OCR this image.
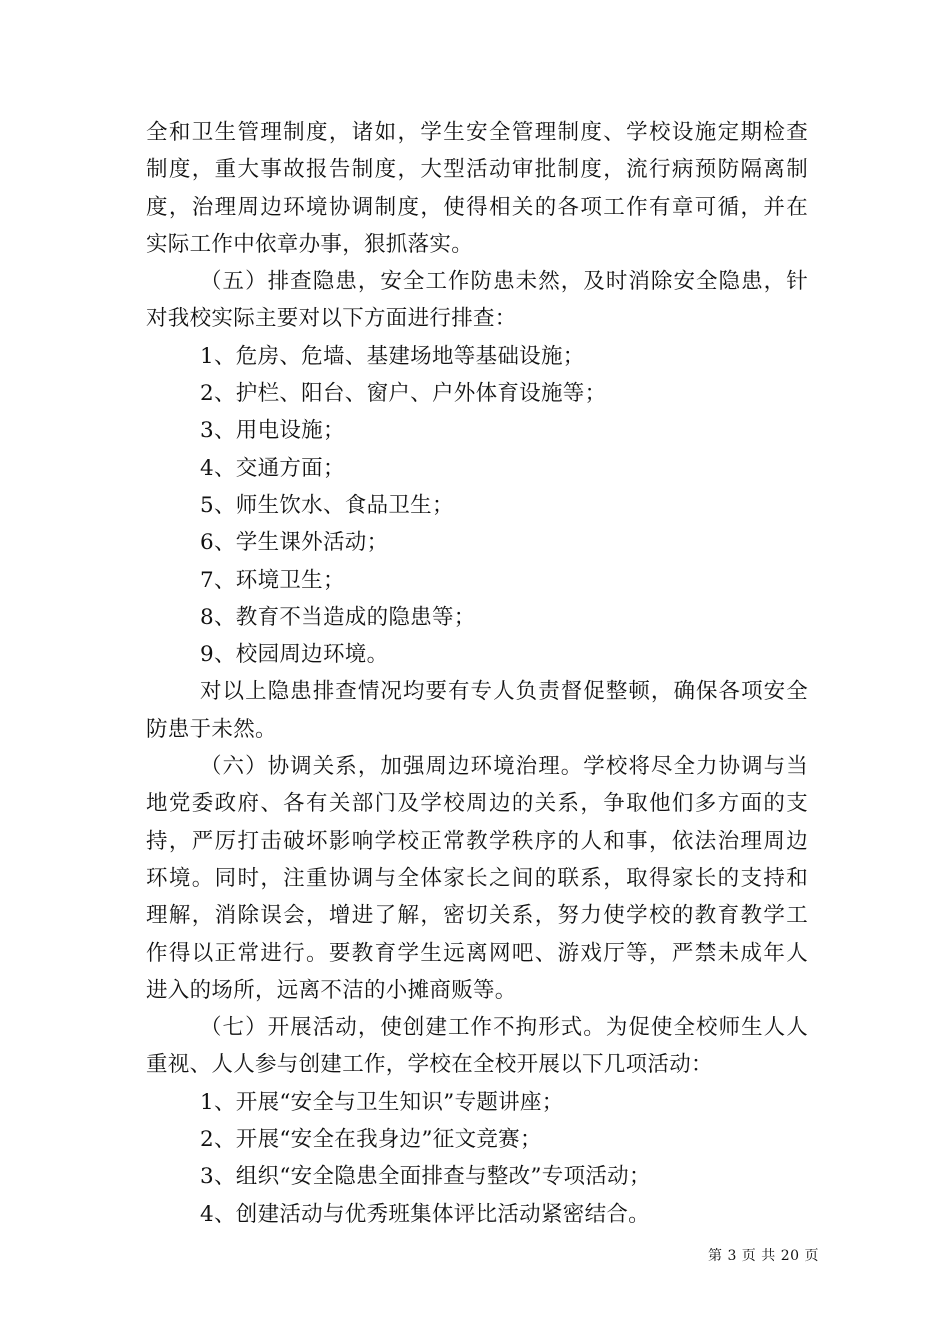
全和卫生管理制度，诸如，学生安全管理制度、学校设施定期检查
制度，重大事故报告制度，大型活动审批制度，流行病预防隔离制
度，治理周边环境协调制度，使得相关的各项工作有章可循，并在
实际工作中依章办事，狠抓落实。
（五）排查隐患，安全工作防患未然，及时消除安全隐患，针
对我校实际主要对以下方面进行排查：
1、危房、危墙、基建场地等基础设施；
2、护栏、阳台、窗户、户外体育设施等；
3、用电设施；
4、交通方面；
5、师生饮水、食品卫生；
6、学生课外活动；
7、环境卫生；
8、教育不当造成的隐患等；
9、校园周边环境。
对以上隐患排查情况均要有专人负责督促整顿，确保各项安全
防患于未然。
（六）协调关系，加强周边环境治理。学校将尽全力协调与当
地党委政府、各有关部门及学校周边的关系，争取他们多方面的支
持，严厉打击破坏影响学校正常教学秩序的人和事，依法治理周边
环境。同时，注重协调与全体家长之间的联系，取得家长的支持和
理解，消除误会，增进了解，密切关系，努力使学校的教育教学工
作得以正常进行。要教育学生远离网吧、游戏厅等，严禁未成年人
进入的场所，远离不洁的小摊商贩等。
（七）开展活动，使创建工作不拘形式。为促使全校师生人人
重视、人人参与创建工作，学校在全校开展以下几项活动：
1、开展“安全与卫生知识”专题讲座；
2、开展“安全在我身边”征文竞赛；
3、组织“安全隐患全面排查与整改”专项活动；
4、创建活动与优秀班集体评比活动紧密结合。
第 3 页 共 20 页
